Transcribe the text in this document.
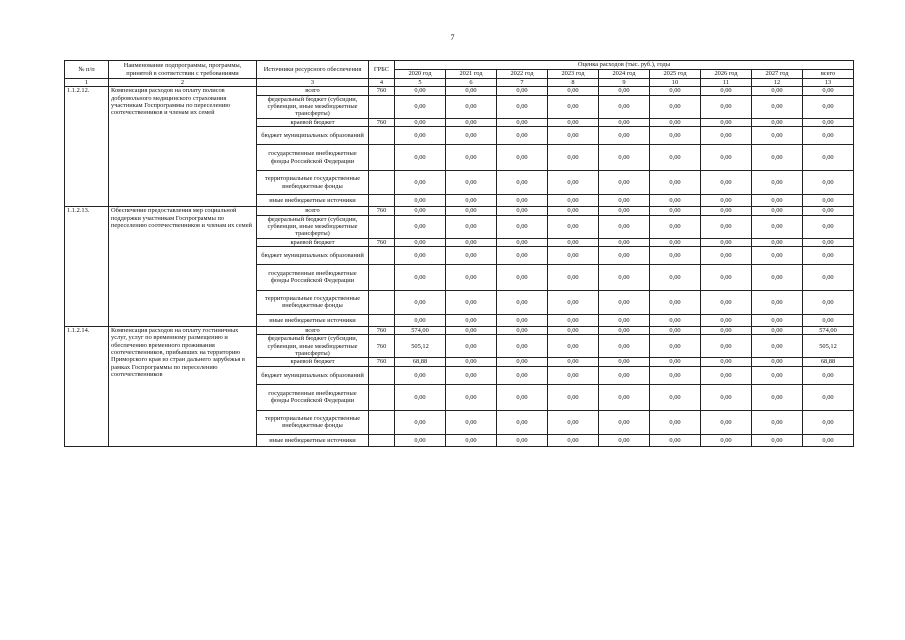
7
№ п/п	Наименование подпрограммы, программы, принятой в соответствии с требованиями	Источники ресурсного обеспечения	ГРБС	Оценка расходов (тыс. руб.), годы								
				2020 год	2021 год	2022 год	2023 год	2024 год	2025 год	2026 год	2027 год	всего
1	2	3	4	5	6	7	8	9	10	11	12	13
1.1.2.12.	Компенсация расходов на оплату полисов добровольного медицинского страхования участникам Госпрограммы по переселению соотечественников и членам их семей	всего	760	0,00	0,00	0,00	0,00	0,00	0,00	0,00	0,00	0,00
		федеральный бюджет (субсидии, субвенции, иные межбюджетные трансферты)		0,00	0,00	0,00	0,00	0,00	0,00	0,00	0,00	0,00
		краевой бюджет	760	0,00	0,00	0,00	0,00	0,00	0,00	0,00	0,00	0,00
		бюджет муниципальных образований		0,00	0,00	0,00	0,00	0,00	0,00	0,00	0,00	0,00
		государственные внебюджетные фонды Российской Федерации		0,00	0,00	0,00	0,00	0,00	0,00	0,00	0,00	0,00
		территориальные государственные внебюджетные фонды		0,00	0,00	0,00	0,00	0,00	0,00	0,00	0,00	0,00
		иные внебюджетные источники		0,00	0,00	0,00	0,00	0,00	0,00	0,00	0,00	0,00
1.1.2.13.	Обеспечение предоставления мер социальной поддержки участникам Госпрограммы по переселению соотечественников и членам их семей	всего	760	0,00	0,00	0,00	0,00	0,00	0,00	0,00	0,00	0,00
		федеральный бюджет (субсидии, субвенции, иные межбюджетные трансферты)		0,00	0,00	0,00	0,00	0,00	0,00	0,00	0,00	0,00
		краевой бюджет	760	0,00	0,00	0,00	0,00	0,00	0,00	0,00	0,00	0,00
		бюджет муниципальных образований		0,00	0,00	0,00	0,00	0,00	0,00	0,00	0,00	0,00
		государственные внебюджетные фонды Российской Федерации		0,00	0,00	0,00	0,00	0,00	0,00	0,00	0,00	0,00
		территориальные государственные внебюджетные фонды		0,00	0,00	0,00	0,00	0,00	0,00	0,00	0,00	0,00
		иные внебюджетные источники		0,00	0,00	0,00	0,00	0,00	0,00	0,00	0,00	0,00
1.1.2.14.	Компенсация расходов на оплату гостиничных услуг, услуг по временному размещению и обеспечению временного проживания соотечественников, прибывших на территорию Приморского края из стран дальнего зарубежья в рамках Госпрограммы по переселению соотечественников	всего	760	574,00	0,00	0,00	0,00	0,00	0,00	0,00	0,00	574,00
		федеральный бюджет (субсидии, субвенции, иные межбюджетные трансферты)	760	505,12	0,00	0,00	0,00	0,00	0,00	0,00	0,00	505,12
		краевой бюджет	760	68,88	0,00	0,00	0,00	0,00	0,00	0,00	0,00	68,88
		бюджет муниципальных образований		0,00	0,00	0,00	0,00	0,00	0,00	0,00	0,00	0,00
		государственные внебюджетные фонды Российской Федерации		0,00	0,00	0,00	0,00	0,00	0,00	0,00	0,00	0,00
		территориальные государственные внебюджетные фонды		0,00	0,00	0,00	0,00	0,00	0,00	0,00	0,00	0,00
		иные внебюджетные источники		0,00	0,00	0,00	0,00	0,00	0,00	0,00	0,00	0,00
